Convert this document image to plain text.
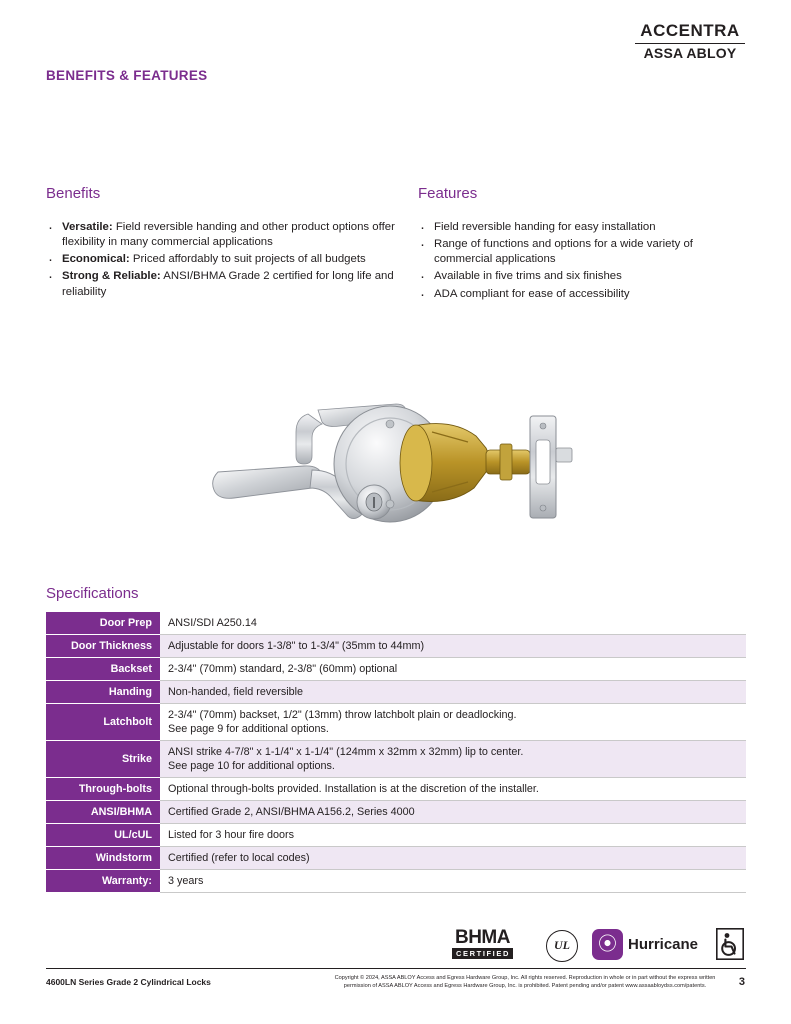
ACCENTRA
ASSA ABLOY
BENEFITS & FEATURES
Benefits
· Versatile: Field reversible handing and other product options offer flexibility in many commercial applications
· Economical: Priced affordably to suit projects of all budgets
· Strong & Reliable: ANSI/BHMA Grade 2 certified for long life and reliability
Features
· Field reversible handing for easy installation
· Range of functions and options for a wide variety of commercial applications
· Available in five trims and six finishes
· ADA compliant for ease of accessibility
Specifications
Door Prep	ANSI/SDI A250.14
Door Thickness	Adjustable for doors 1-3/8" to 1-3/4" (35mm to 44mm)
Backset	2-3/4" (70mm) standard, 2-3/8" (60mm) optional
Handing	Non-handed, field reversible
Latchbolt	2-3/4" (70mm) backset, 1/2" (13mm) throw latchbolt plain or deadlocking.
See page 9 for additional options.
Strike	ANSI strike 4-7/8" x 1-1/4" x 1-1/4" (124mm x 32mm x 32mm) lip to center.
See page 10 for additional options.
Through-bolts	Optional through-bolts provided. Installation is at the discretion of the installer.
ANSI/BHMA	Certified Grade 2, ANSI/BHMA A156.2, Series 4000
UL/cUL	Listed for 3 hour fire doors
Windstorm	Certified (refer to local codes)
Warranty:	3 years
BHMA
CERTIFIED
UL	⦿ Hurricane
4600LN Series Grade 2 Cylindrical Locks	Copyright © 2024, ASSA ABLOY Access and Egress Hardware Group, Inc. All rights reserved. Reproduction in whole or in part without the express written permission of ASSA ABLOY Access and Egress Hardware Group, Inc. is prohibited. Patent pending and/or patent www.assaabloydss.com/patents.	3
